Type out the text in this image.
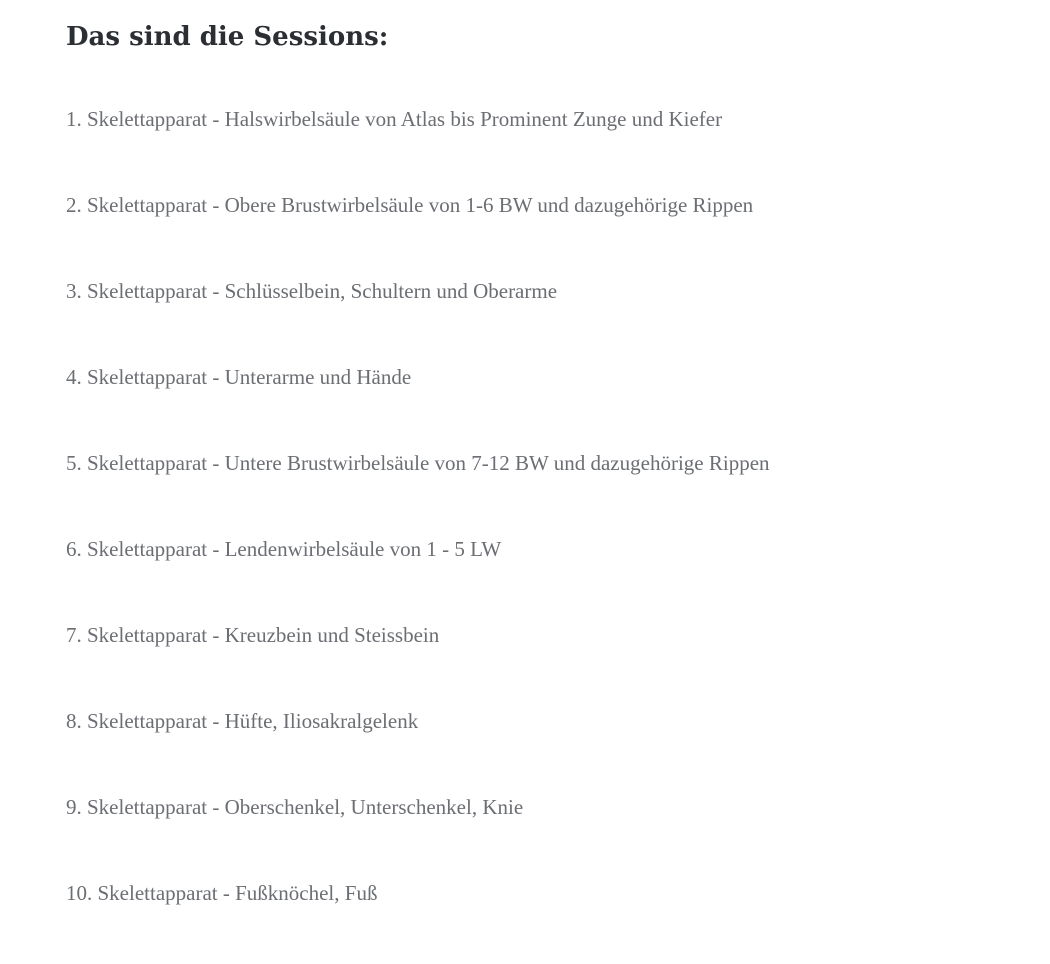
Das sind die Sessions:
1. Skelettapparat - Halswirbelsäule von Atlas bis Prominent Zunge und Kiefer
2. Skelettapparat - Obere Brustwirbelsäule von 1-6 BW und dazugehörige Rippen
3. Skelettapparat - Schlüsselbein, Schultern und Oberarme
4. Skelettapparat - Unterarme und Hände
5. Skelettapparat - Untere Brustwirbelsäule von 7-12 BW und dazugehörige Rippen
6. Skelettapparat - Lendenwirbelsäule von 1 - 5 LW
7. Skelettapparat - Kreuzbein und Steissbein
8. Skelettapparat - Hüfte, Iliosakralgelenk
9. Skelettapparat - Oberschenkel, Unterschenkel, Knie
10. Skelettapparat - Fußknöchel, Fuß
